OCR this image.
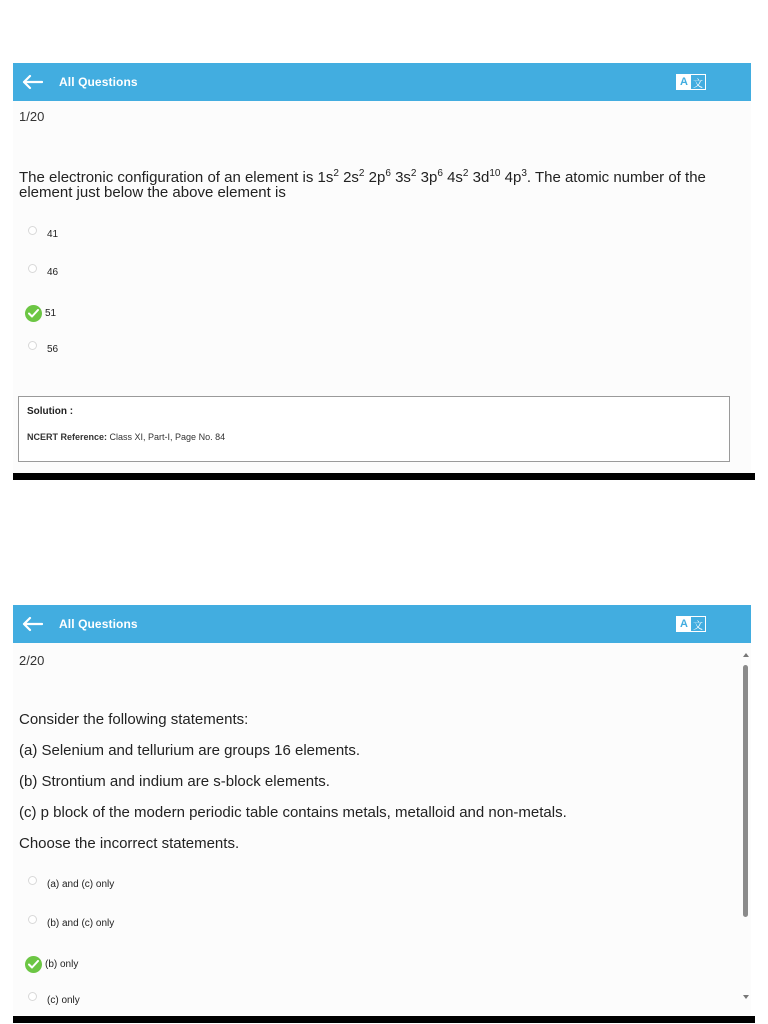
All Questions	A 文
1/20
The electronic configuration of an element is $1s^2$ $2s^2$ $2p^6$ $3s^2$ $3p^6$ $4s^2$ $3d^{10}$ $4p^3$. The atomic number of the element just below the above element is
41
46
51
56
Solution :
NCERT Reference: Class XI, Part-I, Page No. 84
All Questions	A 文
2/20
Consider the following statements:
(a) Selenium and tellurium are groups 16 elements.
(b) Strontium and indium are s-block elements.
(c) p block of the modern periodic table contains metals, metalloid and non-metals.
Choose the incorrect statements.
(a) and (c) only
(b) and (c) only
(b) only
(c) only
